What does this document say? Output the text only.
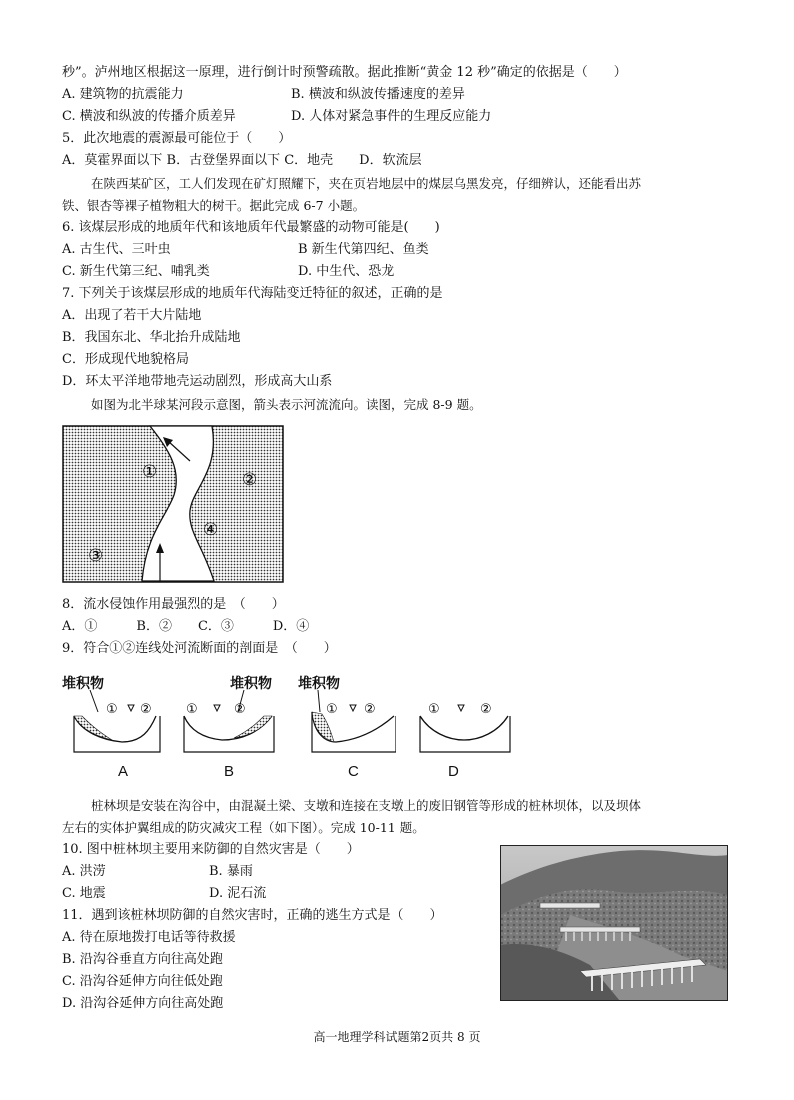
秒”。泸州地区根据这一原理，进行倒计时预警疏散。据此推断“黄金 12 秒”确定的依据是（　　）
A. 建筑物的抗震能力	B. 横波和纵波传播速度的差异
C. 横波和纵波的传播介质差异	D. 人体对紧急事件的生理反应能力
5．此次地震的震源最可能位于（　　）
A．莫霍界面以下 B．古登堡界面以下 C．地壳　　D．软流层
在陕西某矿区，工人们发现在矿灯照耀下，夹在页岩地层中的煤层乌黑发亮，仔细辨认，还能看出苏
铁、银杏等裸子植物粗大的树干。据此完成 6-7 小题。
6. 该煤层形成的地质年代和该地质年代最繁盛的动物可能是(　　)
A. 古生代、三叶虫	B 新生代第四纪、鱼类
C. 新生代第三纪、哺乳类	D. 中生代、恐龙
7. 下列关于该煤层形成的地质年代海陆变迁特征的叙述，正确的是
A．出现了若干大片陆地
B．我国东北、华北抬升成陆地
C．形成现代地貌格局
D．环太平洋地带地壳运动剧烈，形成高大山系
如图为北半球某河段示意图，箭头表示河流流向。读图，完成 8-9 题。
①	②
③
④
8．流水侵蚀作用最强烈的是　（　　）
A．①　　　B．②　　C．③　　　D．④
9．符合①②连线处河流断面的剖面是　（　　）
堆积物
① ②
堆积物
①	②
堆积物
① ②	①	②
A	B	C	D
桩林坝是安装在沟谷中，由混凝土梁、支墩和连接在支墩上的废旧钢管等形成的桩林坝体，以及坝体
左右的实体护翼组成的防灾减灾工程（如下图）。完成 10-11 题。
10. 图中桩林坝主要用来防御的自然灾害是（　　）
A. 洪涝	B. 暴雨
C. 地震	D. 泥石流
11．遇到该桩林坝防御的自然灾害时，正确的逃生方式是（　　）
A. 待在原地拨打电话等待救援
B. 沿沟谷垂直方向往高处跑
C. 沿沟谷延伸方向往低处跑
D. 沿沟谷延伸方向往高处跑
高一地理学科试题第2页共 8 页
